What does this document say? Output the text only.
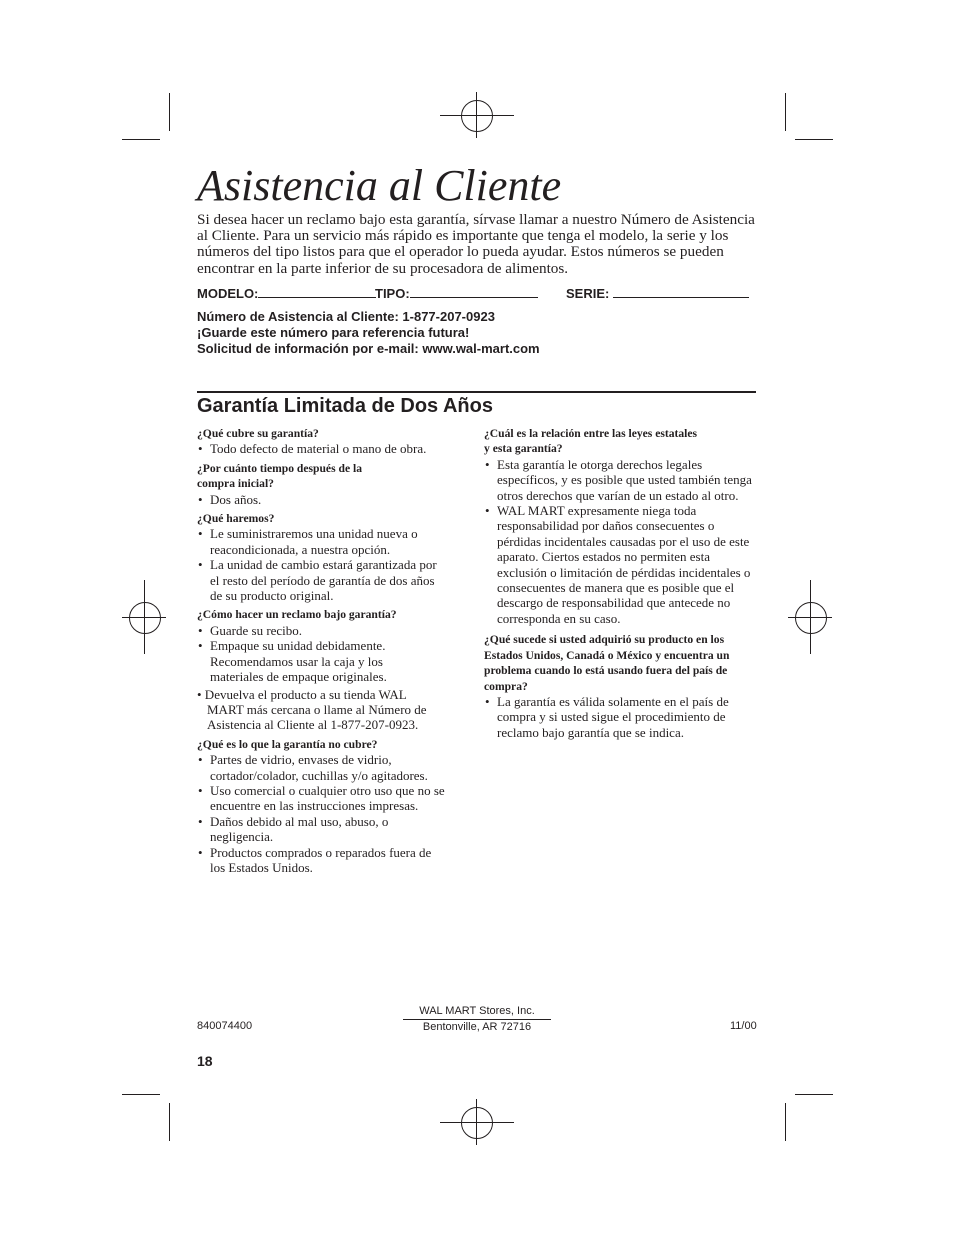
Asistencia al Cliente

Si desea hacer un reclamo bajo esta garantía, sírvase llamar a nuestro Número de Asistencia al Cliente. Para un servicio más rápido es importante que tenga el modelo, la serie y los números del tipo listos para que el operador lo pueda ayudar. Estos números se pueden encontrar en la parte inferior de su procesadora de alimentos.

MODELO:	TIPO:	SERIE:
Número de Asistencia al Cliente: 1-877-207-0923
¡Guarde este número para referencia futura!
Solicitud de información por e-mail: www.wal-mart.com
Garantía Limitada de Dos Años
¿Qué cubre su garantía?
• Todo defecto de material o mano de obra.
¿Por cuánto tiempo después de la
compra inicial?
• Dos años.
¿Qué haremos?
• Le suministraremos una unidad nueva o reacondicionada, a nuestra opción.
• La unidad de cambio estará garantizada por el resto del período de garantía de dos años de su producto original.
¿Cómo hacer un reclamo bajo garantía?
• Guarde su recibo.
• Empaque su unidad debidamente. Recomendamos usar la caja y los materiales de empaque originales.
• Devuelva el producto a su tienda WAL MART más cercana o llame al Número de Asistencia al Cliente al 1-877-207-0923.
¿Qué es lo que la garantía no cubre?
• Partes de vidrio, envases de vidrio, cortador/colador, cuchillas y/o agitadores.
• Uso comercial o cualquier otro uso que no se encuentre en las instrucciones impresas.
• Daños debido al mal uso, abuso, o negligencia.
• Productos comprados o reparados fuera de los Estados Unidos.
¿Cuál es la relación entre las leyes estatales
y esta garantía?
• Esta garantía le otorga derechos legales específicos, y es posible que usted también tenga otros derechos que varían de un estado al otro.
• WAL MART expresamente niega toda responsabilidad por daños consecuentes o pérdidas incidentales causadas por el uso de este aparato. Ciertos estados no permiten esta exclusión o limitación de pérdidas incidentales o consecuentes de manera que es posible que el descargo de responsabilidad que antecede no corresponda en su caso.
¿Qué sucede si usted adquirió su producto en los Estados Unidos, Canadá o México y encuentra un problema cuando lo está usando fuera del país de compra?
• La garantía es válida solamente en el país de compra y si usted sigue el procedimiento de reclamo bajo garantía que se indica.
840074400
WAL MART Stores, Inc.
Bentonville, AR 72716	11/00
18
